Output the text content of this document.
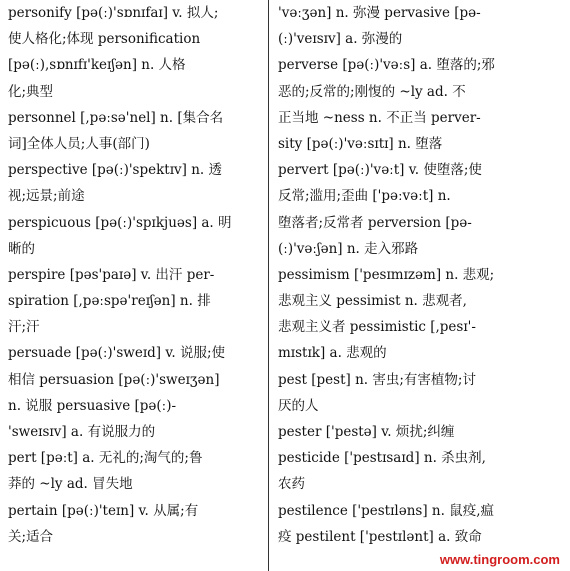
personify [pə(ː)'sɒnɪfaɪ] v. 拟人;
使人格化;体现 personification
[pə(ː),sɒnɪfɪ'keɪʃən] n. 人格
化;典型
personnel [,pəːsə'nel] n. [集合名
词]全体人员;人事(部门)
perspective [pə(ː)'spektɪv] n. 透
视;远景;前途
perspicuous [pə(ː)'spɪkjuəs] a. 明
晰的
perspire [pəs'paɪə] v. 出汗 per-
spiration [,pəːspə'reɪʃən] n. 排
汗;汗
persuade [pə(ː)'sweɪd] v. 说服;使
相信 persuasion [pə(ː)'sweɪʒən]
n. 说服 persuasive [pə(ː)-
'sweɪsɪv] a. 有说服力的
pert [pəːt] a. 无礼的;淘气的;鲁
莽的 ~ly ad. 冒失地
pertain [pə(ː)'teɪn] v. 从属;有
关;适合
'vəːʒən] n. 弥漫 pervasive [pə-
(ː)'veɪsɪv] a. 弥漫的
perverse [pə(ː)'vəːs] a. 堕落的;邪
恶的;反常的;刚愎的 ~ly ad. 不
正当地 ~ness n. 不正当 perver-
sity [pə(ː)'vəːsɪtɪ] n. 堕落
pervert [pə(ː)'vəːt] v. 使堕落;使
反常;滥用;歪曲 ['pəːvəːt] n.
堕落者;反常者 perversion [pə-
(ː)'vəːʃən] n. 走入邪路
pessimism ['pesɪmɪzəm] n. 悲观;
悲观主义 pessimist n. 悲观者,
悲观主义者 pessimistic [,pesɪ'-
mɪstɪk] a. 悲观的
pest [pest] n. 害虫;有害植物;讨
厌的人
pester ['pestə] v. 烦扰;纠缠
pesticide ['pestɪsaɪd] n. 杀虫剂,
农药
pestilence ['pestɪləns] n. 鼠疫,瘟
疫 pestilent ['pestɪlənt] a. 致命
www.tingroom.com
